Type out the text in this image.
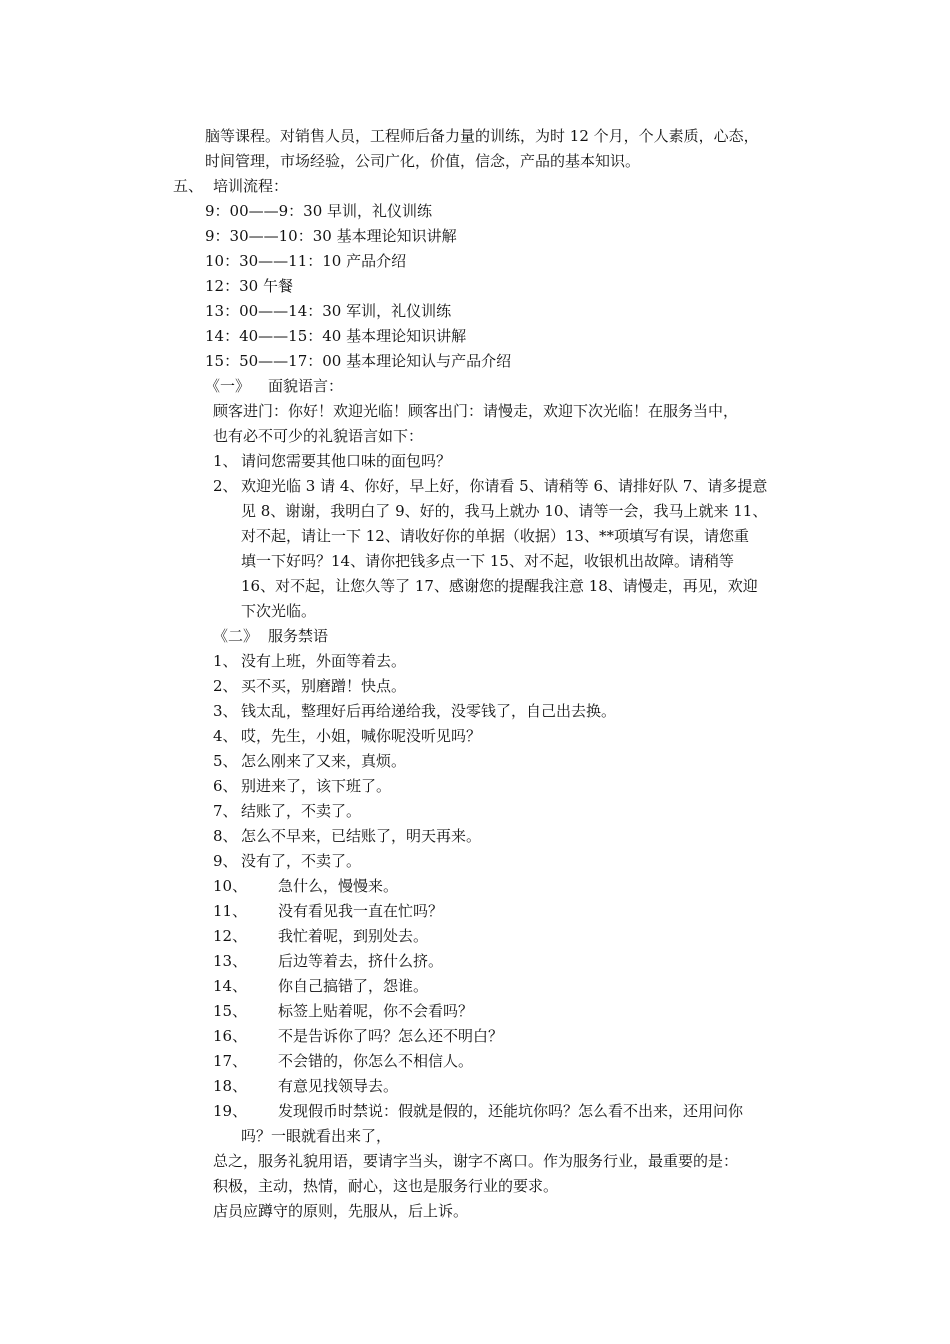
脑等课程。对销售人员，工程师后备力量的训练，为时 12 个月，个人素质，心态，
时间管理，市场经验，公司广化，价值，信念，产品的基本知识。
五、 培训流程：
9：00——9：30 早训，礼仪训练
9：30——10：30 基本理论知识讲解
10：30——11：10 产品介绍
12：30 午餐
13：00——14：30 军训，礼仪训练
14：40——15：40 基本理论知识讲解
15：50——17：00 基本理论知认与产品介绍
《一》 面貌语言：
顾客进门：你好！欢迎光临！顾客出门：请慢走，欢迎下次光临！在服务当中，
也有必不可少的礼貌语言如下：
1、 请问您需要其他口味的面包吗？
2、 欢迎光临 3 请 4、你好，早上好，你请看 5、请稍等 6、请排好队 7、请多提意
见 8、谢谢，我明白了 9、好的，我马上就办 10、请等一会，我马上就来 11、
对不起，请让一下 12、请收好你的单据（收据）13、**项填写有误，请您重
填一下好吗？14、请你把钱多点一下 15、对不起，收银机出故障。请稍等
16、对不起，让您久等了 17、感谢您的提醒我注意 18、请慢走，再见，欢迎
下次光临。
《二》 服务禁语
1、 没有上班，外面等着去。
2、 买不买，别磨蹭！快点。
3、 钱太乱，整理好后再给递给我，没零钱了，自己出去换。
4、 哎，先生，小姐，喊你呢没听见吗？
5、 怎么刚来了又来，真烦。
6、 别进来了，该下班了。
7、 结账了，不卖了。
8、 怎么不早来，已结账了，明天再来。
9、 没有了，不卖了。
10、 急什么，慢慢来。
11、 没有看见我一直在忙吗？
12、 我忙着呢，到别处去。
13、 后边等着去，挤什么挤。
14、 你自己搞错了，怨谁。
15、 标签上贴着呢，你不会看吗？
16、 不是告诉你了吗？怎么还不明白？
17、 不会错的，你怎么不相信人。
18、 有意见找领导去。
19、 发现假币时禁说：假就是假的，还能坑你吗？怎么看不出来，还用问你
吗？一眼就看出来了，
总之，服务礼貌用语，要请字当头，谢字不离口。作为服务行业，最重要的是：
积极，主动，热情，耐心，这也是服务行业的要求。
店员应蹲守的原则，先服从，后上诉。
